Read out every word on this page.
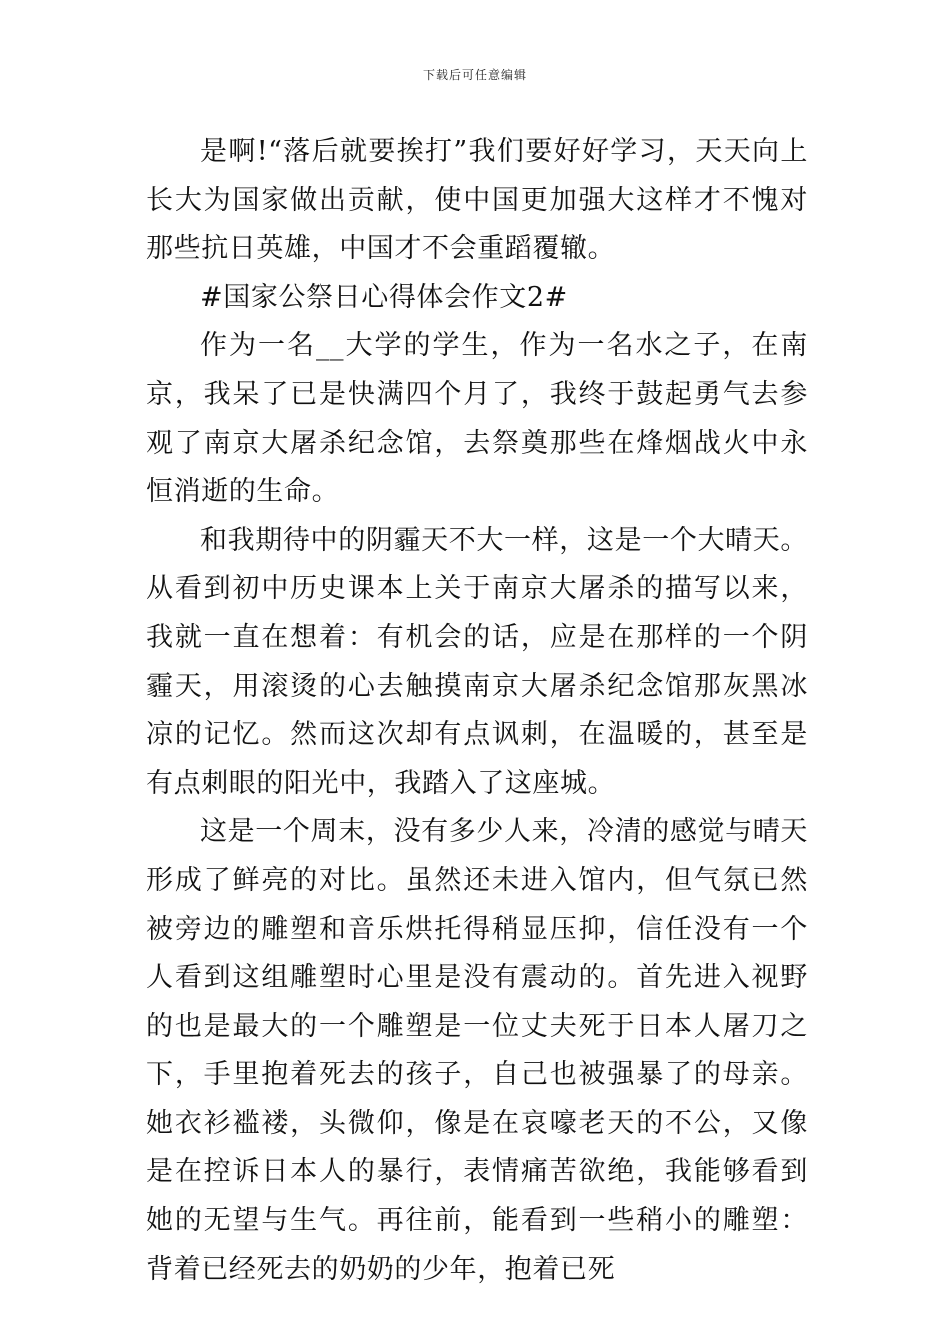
下载后可任意编辑

是啊!“落后就要挨打”我们要好好学习，天天向上长大为国家做出贡献，使中国更加强大这样才不愧对那些抗日英雄，中国才不会重蹈覆辙。

#国家公祭日心得体会作文2#

作为一名__大学的学生，作为一名水之子，在南京，我呆了已是快满四个月了，我终于鼓起勇气去参观了南京大屠杀纪念馆，去祭奠那些在烽烟战火中永恒消逝的生命。

和我期待中的阴霾天不大一样，这是一个大晴天。从看到初中历史课本上关于南京大屠杀的描写以来，我就一直在想着：有机会的话，应是在那样的一个阴霾天，用滚烫的心去触摸南京大屠杀纪念馆那灰黑冰凉的记忆。然而这次却有点讽刺，在温暖的，甚至是有点刺眼的阳光中，我踏入了这座城。

这是一个周末，没有多少人来，冷清的感觉与晴天形成了鲜亮的对比。虽然还未进入馆内，但气氛已然被旁边的雕塑和音乐烘托得稍显压抑，信任没有一个人看到这组雕塑时心里是没有震动的。首先进入视野的也是最大的一个雕塑是一位丈夫死于日本人屠刀之下，手里抱着死去的孩子，自己也被强暴了的母亲。她衣衫褴褛，头微仰，像是在哀嚎老天的不公，又像是在控诉日本人的暴行，表情痛苦欲绝，我能够看到她的无望与生气。再往前，能看到一些稍小的雕塑：背着已经死去的奶奶的少年，抱着已死
